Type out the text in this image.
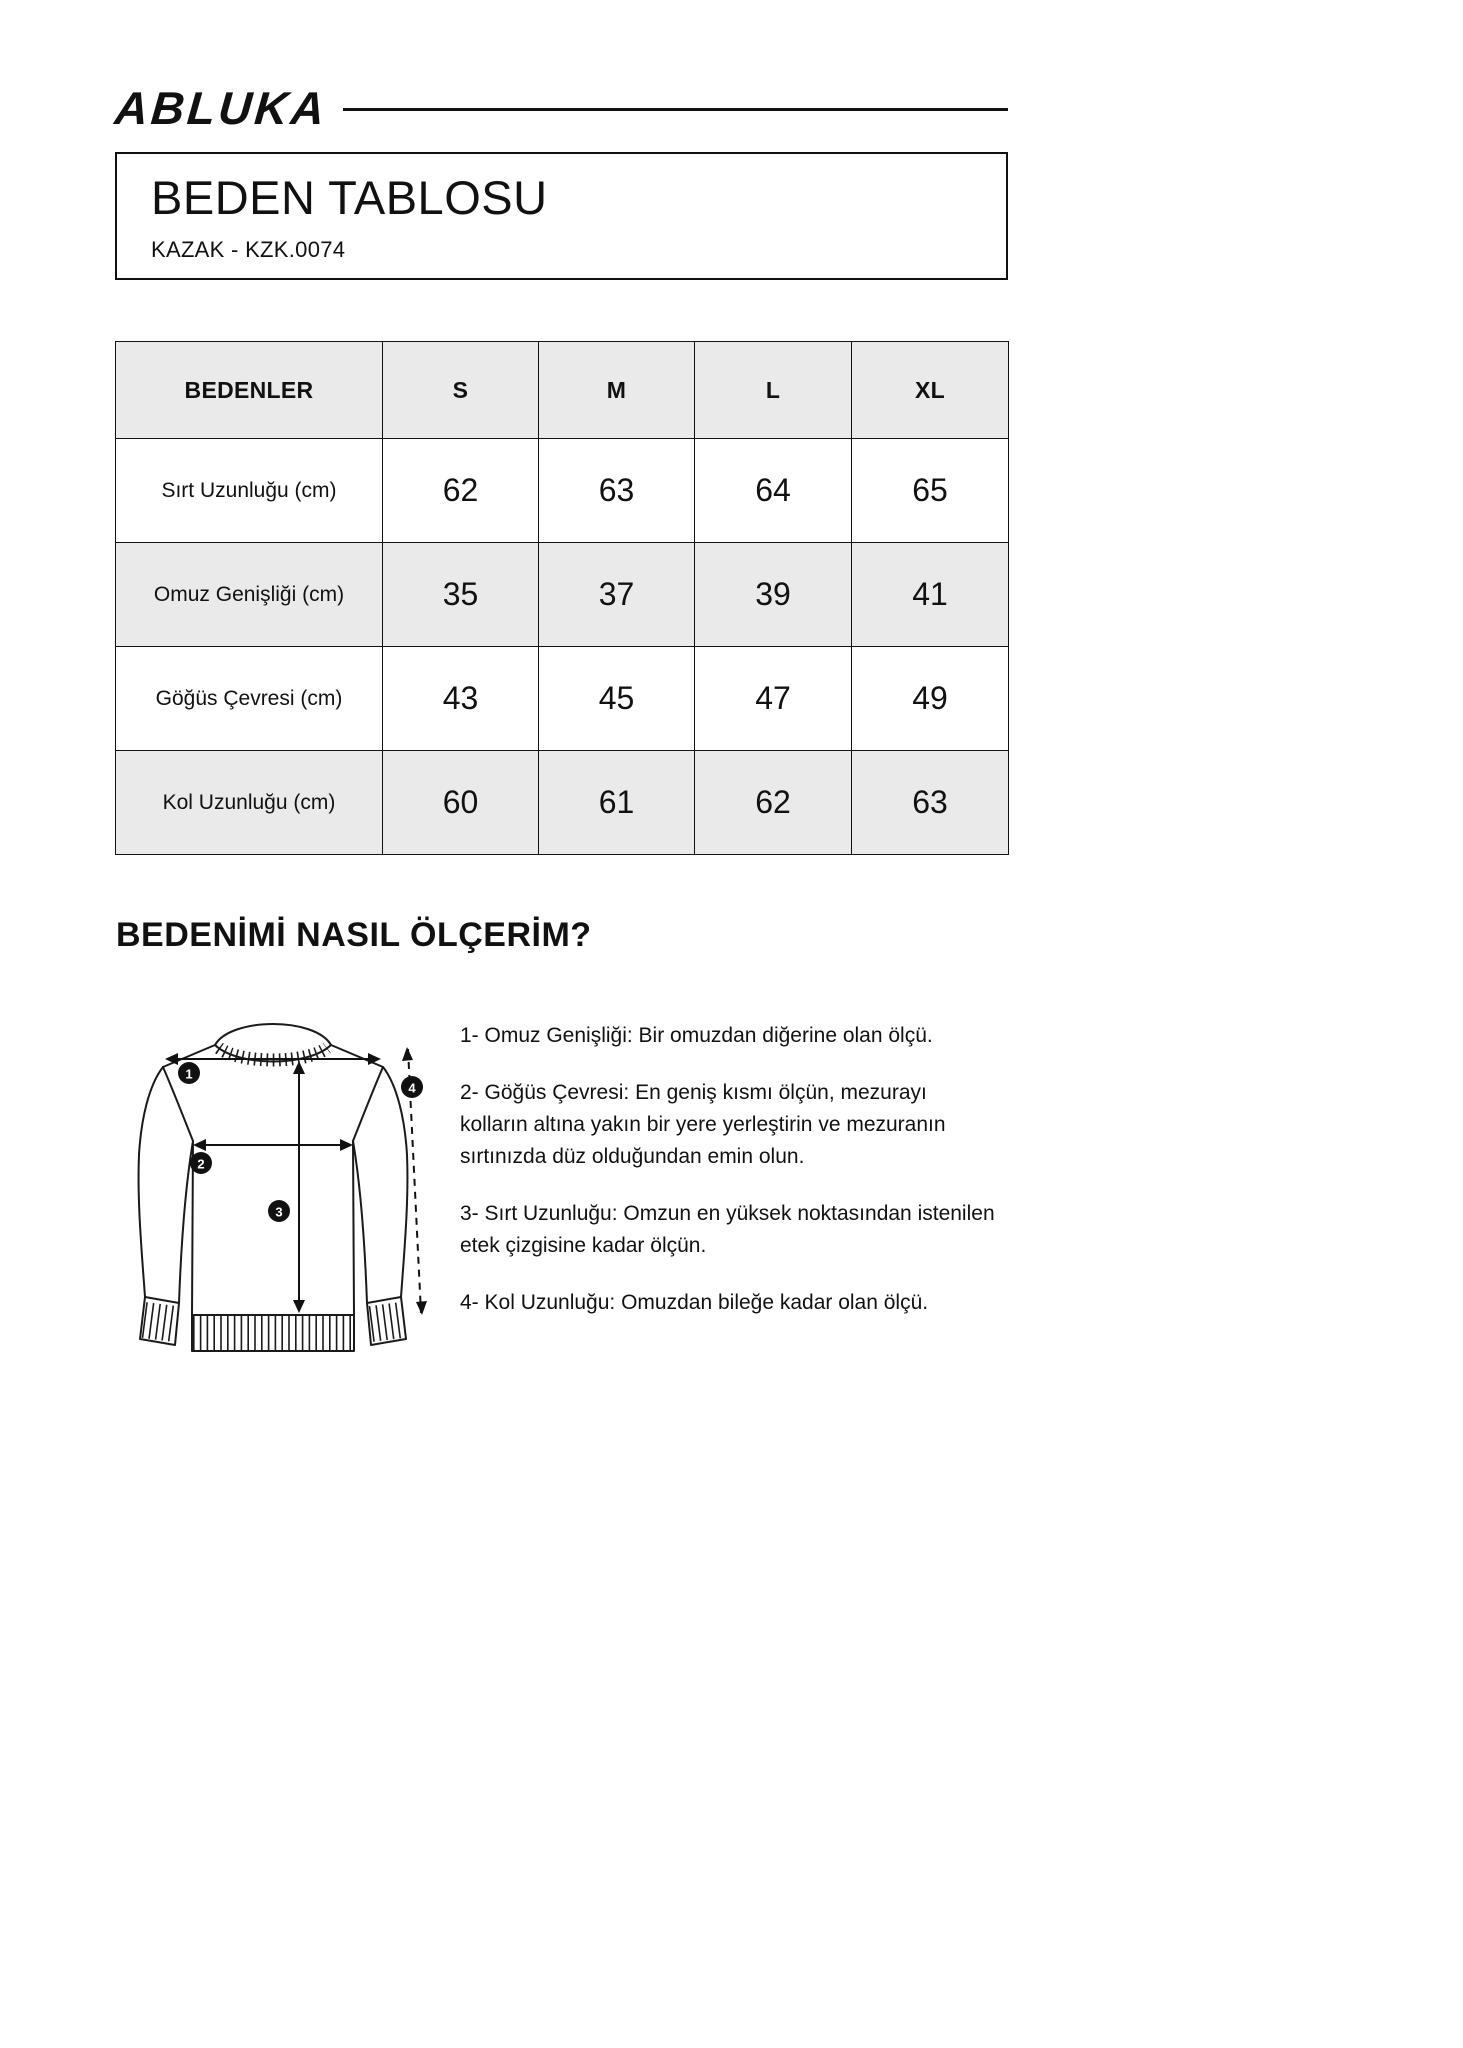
ABLUKA
BEDEN TABLOSU
KAZAK - KZK.0074
BEDENLER	S	M	L	XL
Sırt Uzunluğu (cm)	62	63	64	65
Omuz Genişliği (cm)	35	37	39	41
Göğüs Çevresi (cm)	43	45	47	49
Kol Uzunluğu (cm)	60	61	62	63
BEDENİMİ NASIL ÖLÇERİM?
1
2
3
4

1- Omuz Genişliği: Bir omuzdan diğerine olan ölçü.

2- Göğüs Çevresi: En geniş kısmı ölçün, mezurayı kolların altına yakın bir yere yerleştirin ve mezuranın sırtınızda düz olduğundan emin olun.

3- Sırt Uzunluğu: Omzun en yüksek noktasından istenilen etek çizgisine kadar ölçün.

4- Kol Uzunluğu: Omuzdan bileğe kadar olan ölçü.
